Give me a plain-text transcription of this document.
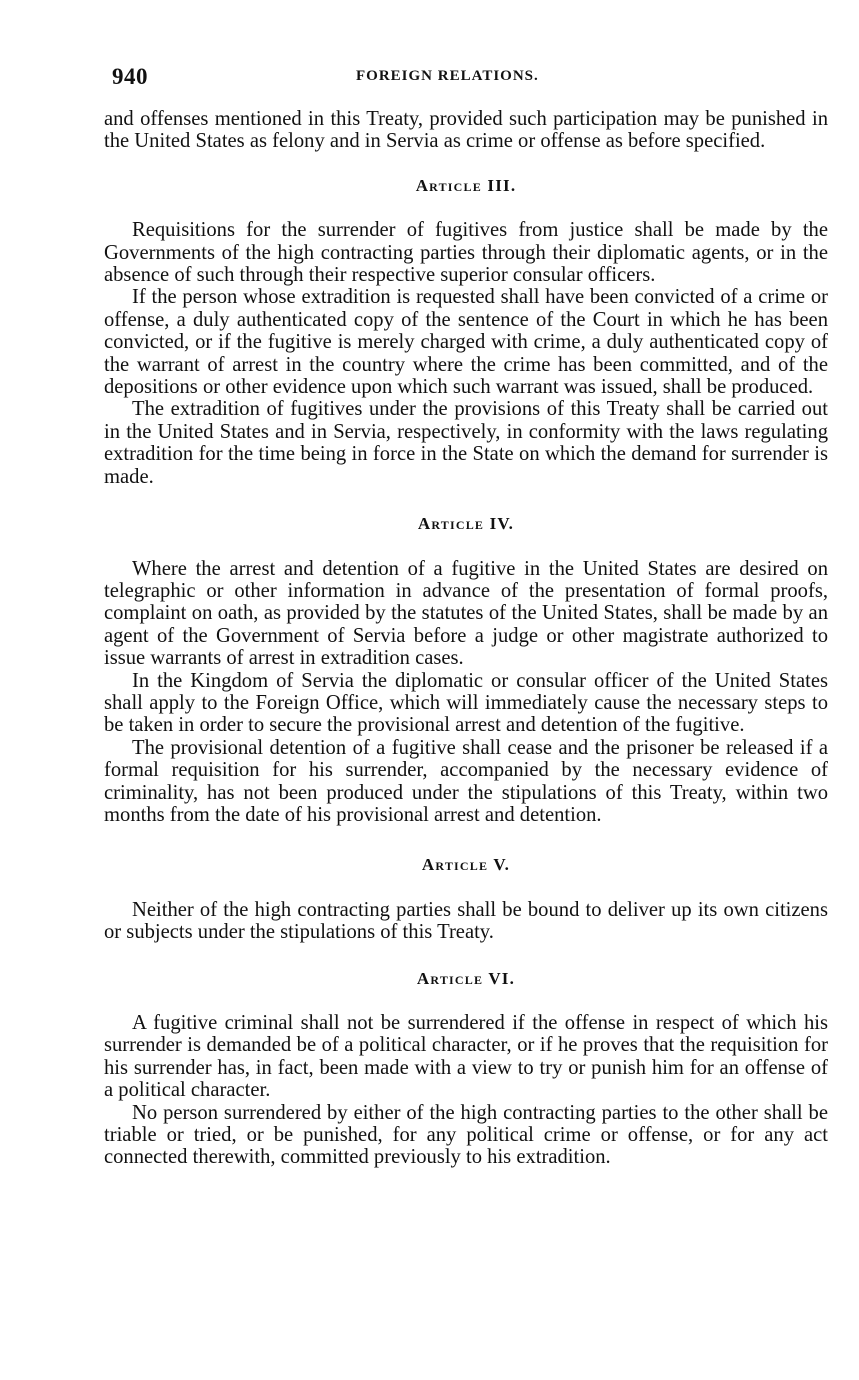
940	FOREIGN RELATIONS.

and offenses mentioned in this Treaty, provided such participation may be punished in the United States as felony and in Servia as crime or offense as before specified.

Article III.

Requisitions for the surrender of fugitives from justice shall be made by the Governments of the high contracting parties through their diplomatic agents, or in the absence of such through their respective superior consular officers.

If the person whose extradition is requested shall have been convicted of a crime or offense, a duly authenticated copy of the sentence of the Court in which he has been convicted, or if the fugitive is merely charged with crime, a duly authenticated copy of the warrant of arrest in the country where the crime has been committed, and of the depositions or other evidence upon which such warrant was issued, shall be produced.

The extradition of fugitives under the provisions of this Treaty shall be carried out in the United States and in Servia, respectively, in conformity with the laws regulating extradition for the time being in force in the State on which the demand for surrender is made.

Article IV.

Where the arrest and detention of a fugitive in the United States are desired on telegraphic or other information in advance of the presentation of formal proofs, complaint on oath, as provided by the statutes of the United States, shall be made by an agent of the Government of Servia before a judge or other magistrate authorized to issue warrants of arrest in extradition cases.

In the Kingdom of Servia the diplomatic or consular officer of the United States shall apply to the Foreign Office, which will immediately cause the necessary steps to be taken in order to secure the provisional arrest and detention of the fugitive.

The provisional detention of a fugitive shall cease and the prisoner be released if a formal requisition for his surrender, accompanied by the necessary evidence of criminality, has not been produced under the stipulations of this Treaty, within two months from the date of his provisional arrest and detention.

Article V.

Neither of the high contracting parties shall be bound to deliver up its own citizens or subjects under the stipulations of this Treaty.

Article VI.

A fugitive criminal shall not be surrendered if the offense in respect of which his surrender is demanded be of a political character, or if he proves that the requisition for his surrender has, in fact, been made with a view to try or punish him for an offense of a political character.

No person surrendered by either of the high contracting parties to the other shall be triable or tried, or be punished, for any political crime or offense, or for any act connected therewith, committed previously to his extradition.
